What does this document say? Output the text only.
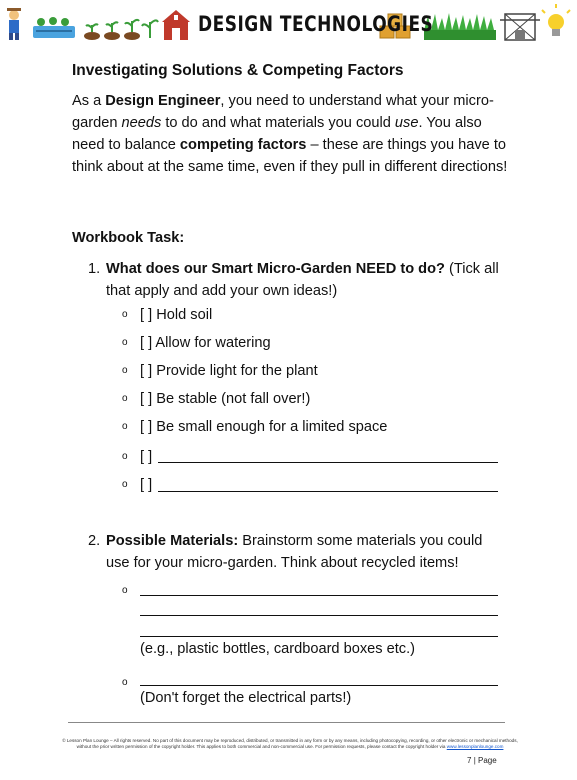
DESIGN TECHNOLOGIES
Investigating Solutions & Competing Factors
As a Design Engineer, you need to understand what your micro-garden needs to do and what materials you could use. You also need to balance competing factors – these are things you have to think about at the same time, even if they pull in different directions!
Workbook Task:
1. What does our Smart Micro-Garden NEED to do? (Tick all that apply and add your own ideas!)
o [ ] Hold soil
o [ ] Allow for watering
o [ ] Provide light for the plant
o [ ] Be stable (not fall over!)
o [ ] Be small enough for a limited space
o [ ]
o [ ]
2. Possible Materials: Brainstorm some materials you could use for your micro-garden. Think about recycled items!
o
(e.g., plastic bottles, cardboard boxes etc.)
o
(Don't forget the electrical parts!)
© Lesson Plan Lounge – All rights reserved. No part of this document may be reproduced, distributed, or transmitted in any form or by any means, including photocopying, recording, or other electronic or mechanical methods, without the prior written permission of the copyright holder. This applies to both commercial and non-commercial use. For permission requests, please contact the copyright holder via www.lessonplanlounge.com
7 | Page
